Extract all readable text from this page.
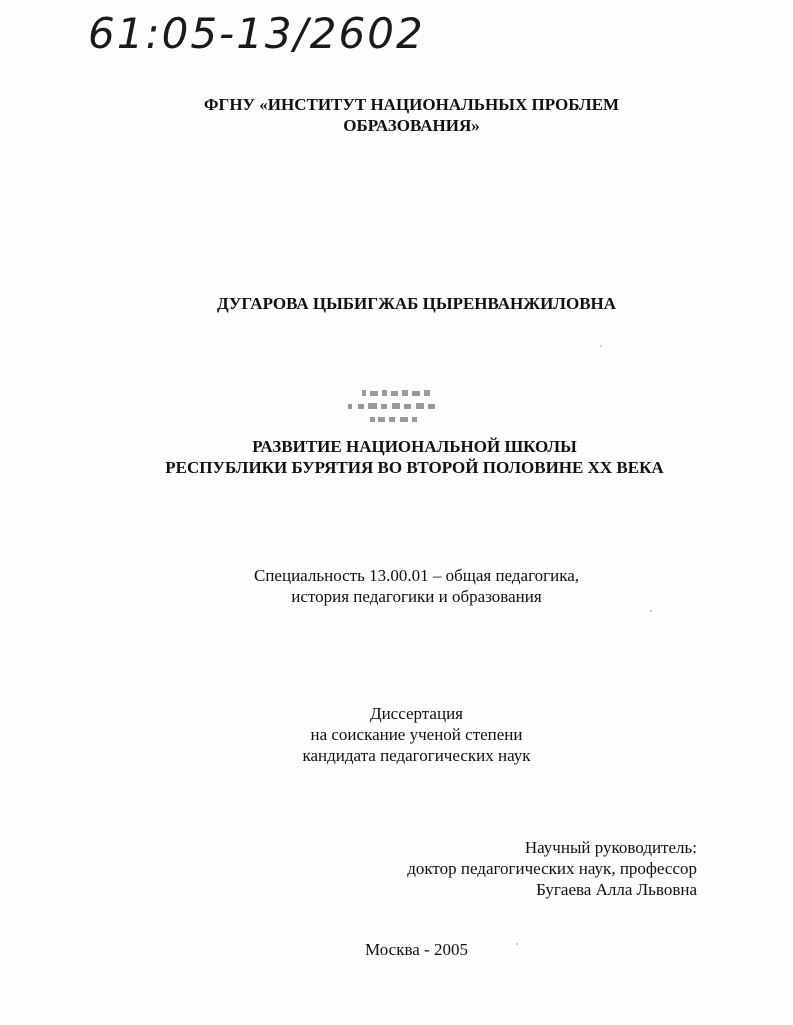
61:05-13/2602
ФГНУ «ИНСТИТУТ НАЦИОНАЛЬНЫХ ПРОБЛЕМ
ОБРАЗОВАНИЯ»
ДУГАРОВА ЦЫБИГЖАБ ЦЫРЕНВАНЖИЛОВНА
РАЗВИТИЕ НАЦИОНАЛЬНОЙ ШКОЛЫ
РЕСПУБЛИКИ БУРЯТИЯ ВО ВТОРОЙ ПОЛОВИНЕ XX ВЕКА
Специальность 13.00.01 – общая педагогика,
история педагогики и образования
Диссертация
на соискание ученой степени
кандидата педагогических наук
Научный руководитель:
доктор педагогических наук, профессор
Бугаева Алла Львовна
Москва - 2005
